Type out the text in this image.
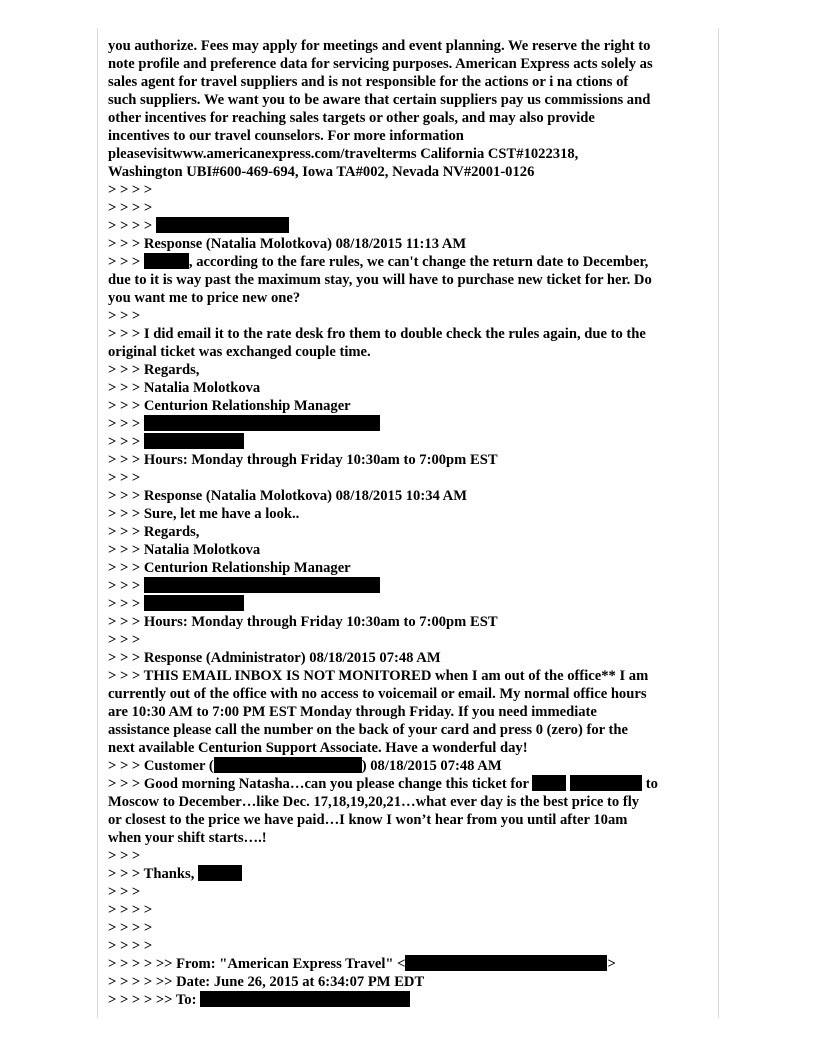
you authorize. Fees may apply for meetings and event planning. We reserve the right to
note profile and preference data for servicing purposes. American Express acts solely as
sales agent for travel suppliers and is not responsible for the actions or i na ctions of
such suppliers. We want you to be aware that certain suppliers pay us commissions and
other incentives for reaching sales targets or other goals, and may also provide
incentives to our travel counselors. For more information
pleasevisitwww.americanexpress.com/travelterms California CST#1022318,
Washington UBI#600-469-694, Iowa TA#002, Nevada NV#2001-0126
> > > >
> > > >
> > > >
> > > Response (Natalia Molotkova) 08/18/2015 11:13 AM
> > >	, according to the fare rules, we can't change the return date to December,
due to it is way past the maximum stay, you will have to purchase new ticket for her. Do
you want me to price new one?
> > >
> > > I did email it to the rate desk fro them to double check the rules again, due to the
original ticket was exchanged couple time.
> > > Regards,
> > > Natalia Molotkova
> > > Centurion Relationship Manager
> > >
> > >
> > > Hours: Monday through Friday 10:30am to 7:00pm EST
> > >
> > > Response (Natalia Molotkova) 08/18/2015 10:34 AM
> > > Sure, let me have a look..
> > > Regards,
> > > Natalia Molotkova
> > > Centurion Relationship Manager
> > >
> > >
> > > Hours: Monday through Friday 10:30am to 7:00pm EST
> > >
> > > Response (Administrator) 08/18/2015 07:48 AM
> > > THIS EMAIL INBOX IS NOT MONITORED when I am out of the office** I am
currently out of the office with no access to voicemail or email. My normal office hours
are 10:30 AM to 7:00 PM EST Monday through Friday. If you need immediate
assistance please call the number on the back of your card and press 0 (zero) for the
next available Centurion Support Associate. Have a wonderful day!
> > > Customer (	) 08/18/2015 07:48 AM
> > > Good morning Natasha…can you please change this ticket for	to
Moscow to December…like Dec. 17,18,19,20,21…what ever day is the best price to fly
or closest to the price we have paid…I know I won’t hear from you until after 10am
when your shift starts….!
> > >
> > > Thanks,
> > >
> > > >
> > > >
> > > >
> > > > >> From: "American Express Travel" <	>
> > > > >> Date: June 26, 2015 at 6:34:07 PM EDT
> > > > >> To:
